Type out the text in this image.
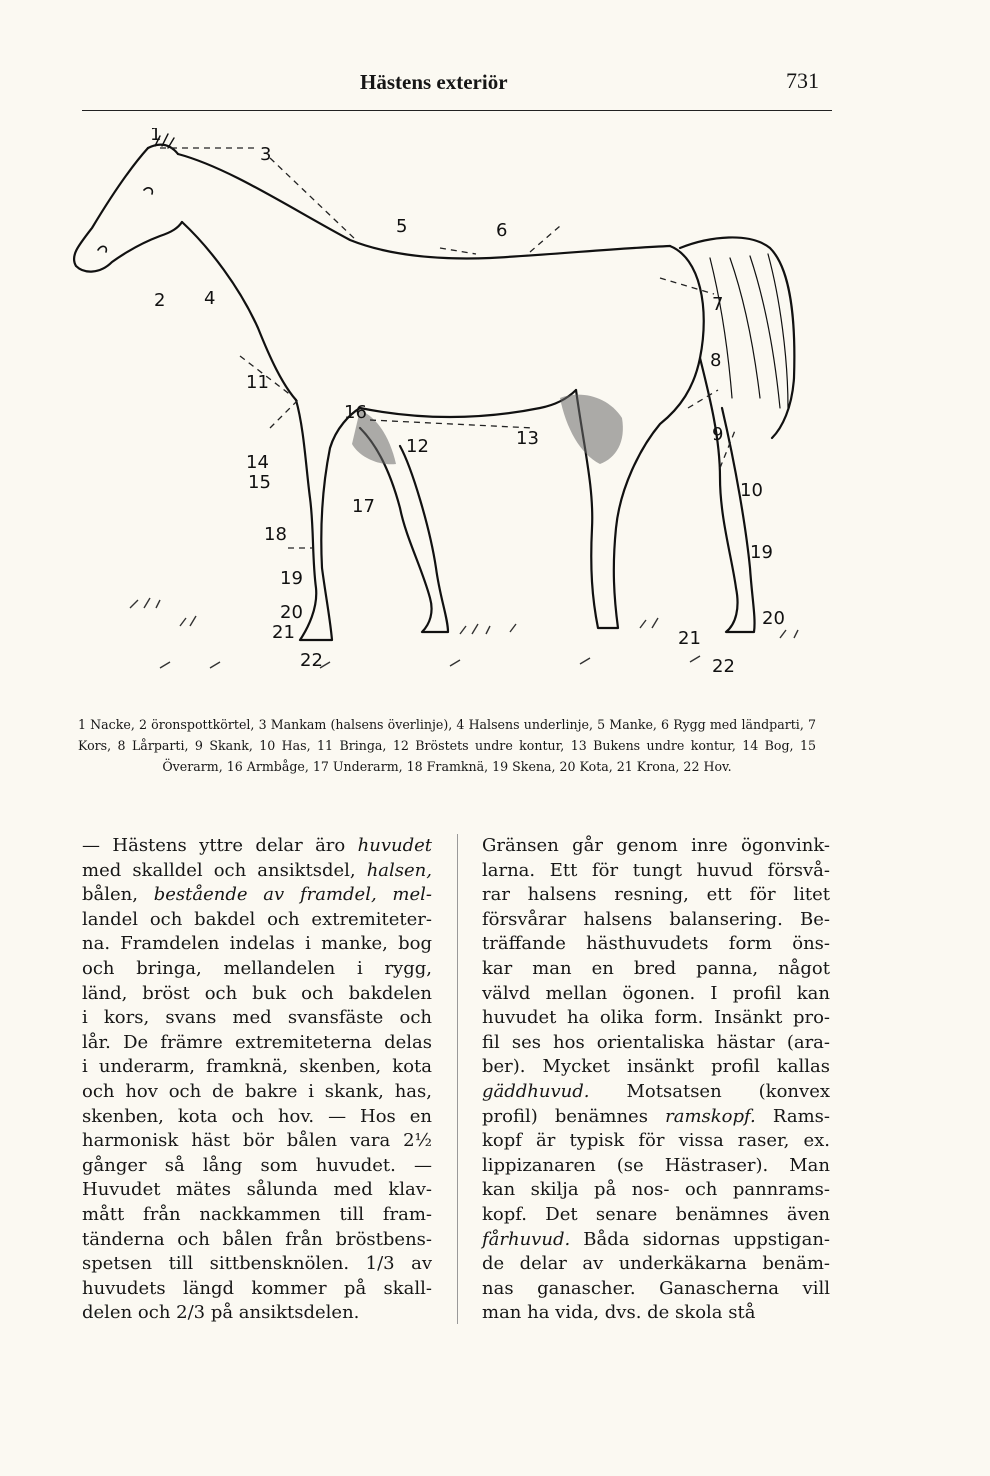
Hästens exteriör	731
1
2
3
4
5	6
7
8
9
10
11
12	13
14
15
16
17
18
19
19
20	20
21	21
22	22
1 Nacke, 2 öronspottkörtel, 3 Mankam (halsens överlinje), 4 Halsens underlinje, 5 Manke, 6 Rygg med ländparti, 7 Kors, 8 Lårparti, 9 Skank, 10 Has, 11 Bringa, 12 Bröstets undre kontur, 13 Bukens undre kontur, 14 Bog, 15 Överarm, 16 Armbåge, 17 Underarm, 18 Framknä, 19 Skena, 20 Kota, 21 Krona, 22 Hov.
— Hästens yttre delar äro huvudet
med skalldel och ansiktsdel, halsen,
bålen, bestående av framdel, mel-
landel och bakdel och extremiteter-
na. Framdelen indelas i manke, bog
och bringa, mellandelen i rygg,
länd, bröst och buk och bakdelen
i kors, svans med svansfäste och
lår. De främre extremiteterna delas
i underarm, framknä, skenben, kota
och hov och de bakre i skank, has,
skenben, kota och hov. — Hos en
harmonisk häst bör bålen vara 2½
gånger så lång som huvudet. —
Huvudet mätes sålunda med klav-
mått från nackkammen till fram-
tänderna och bålen från bröstbens-
spetsen till sittbensknölen. 1/3 av
huvudets längd kommer på skall-
delen och 2/3 på ansiktsdelen.
Gränsen går genom inre ögonvink-
larna. Ett för tungt huvud försvå-
rar halsens resning, ett för litet
försvårar halsens balansering. Be-
träffande hästhuvudets form öns-
kar man en bred panna, något
välvd mellan ögonen. I profil kan
huvudet ha olika form. Insänkt pro-
fil ses hos orientaliska hästar (ara-
ber). Mycket insänkt profil kallas
gäddhuvud. Motsatsen (konvex
profil) benämnes ramskopf. Rams-
kopf är typisk för vissa raser, ex.
lippizanaren (se Hästraser). Man
kan skilja på nos- och pannrams-
kopf. Det senare benämnes även
fårhuvud. Båda sidornas uppstigan-
de delar av underkäkarna benäm-
nas ganascher. Ganascherna vill
man ha vida, dvs. de skola stå
